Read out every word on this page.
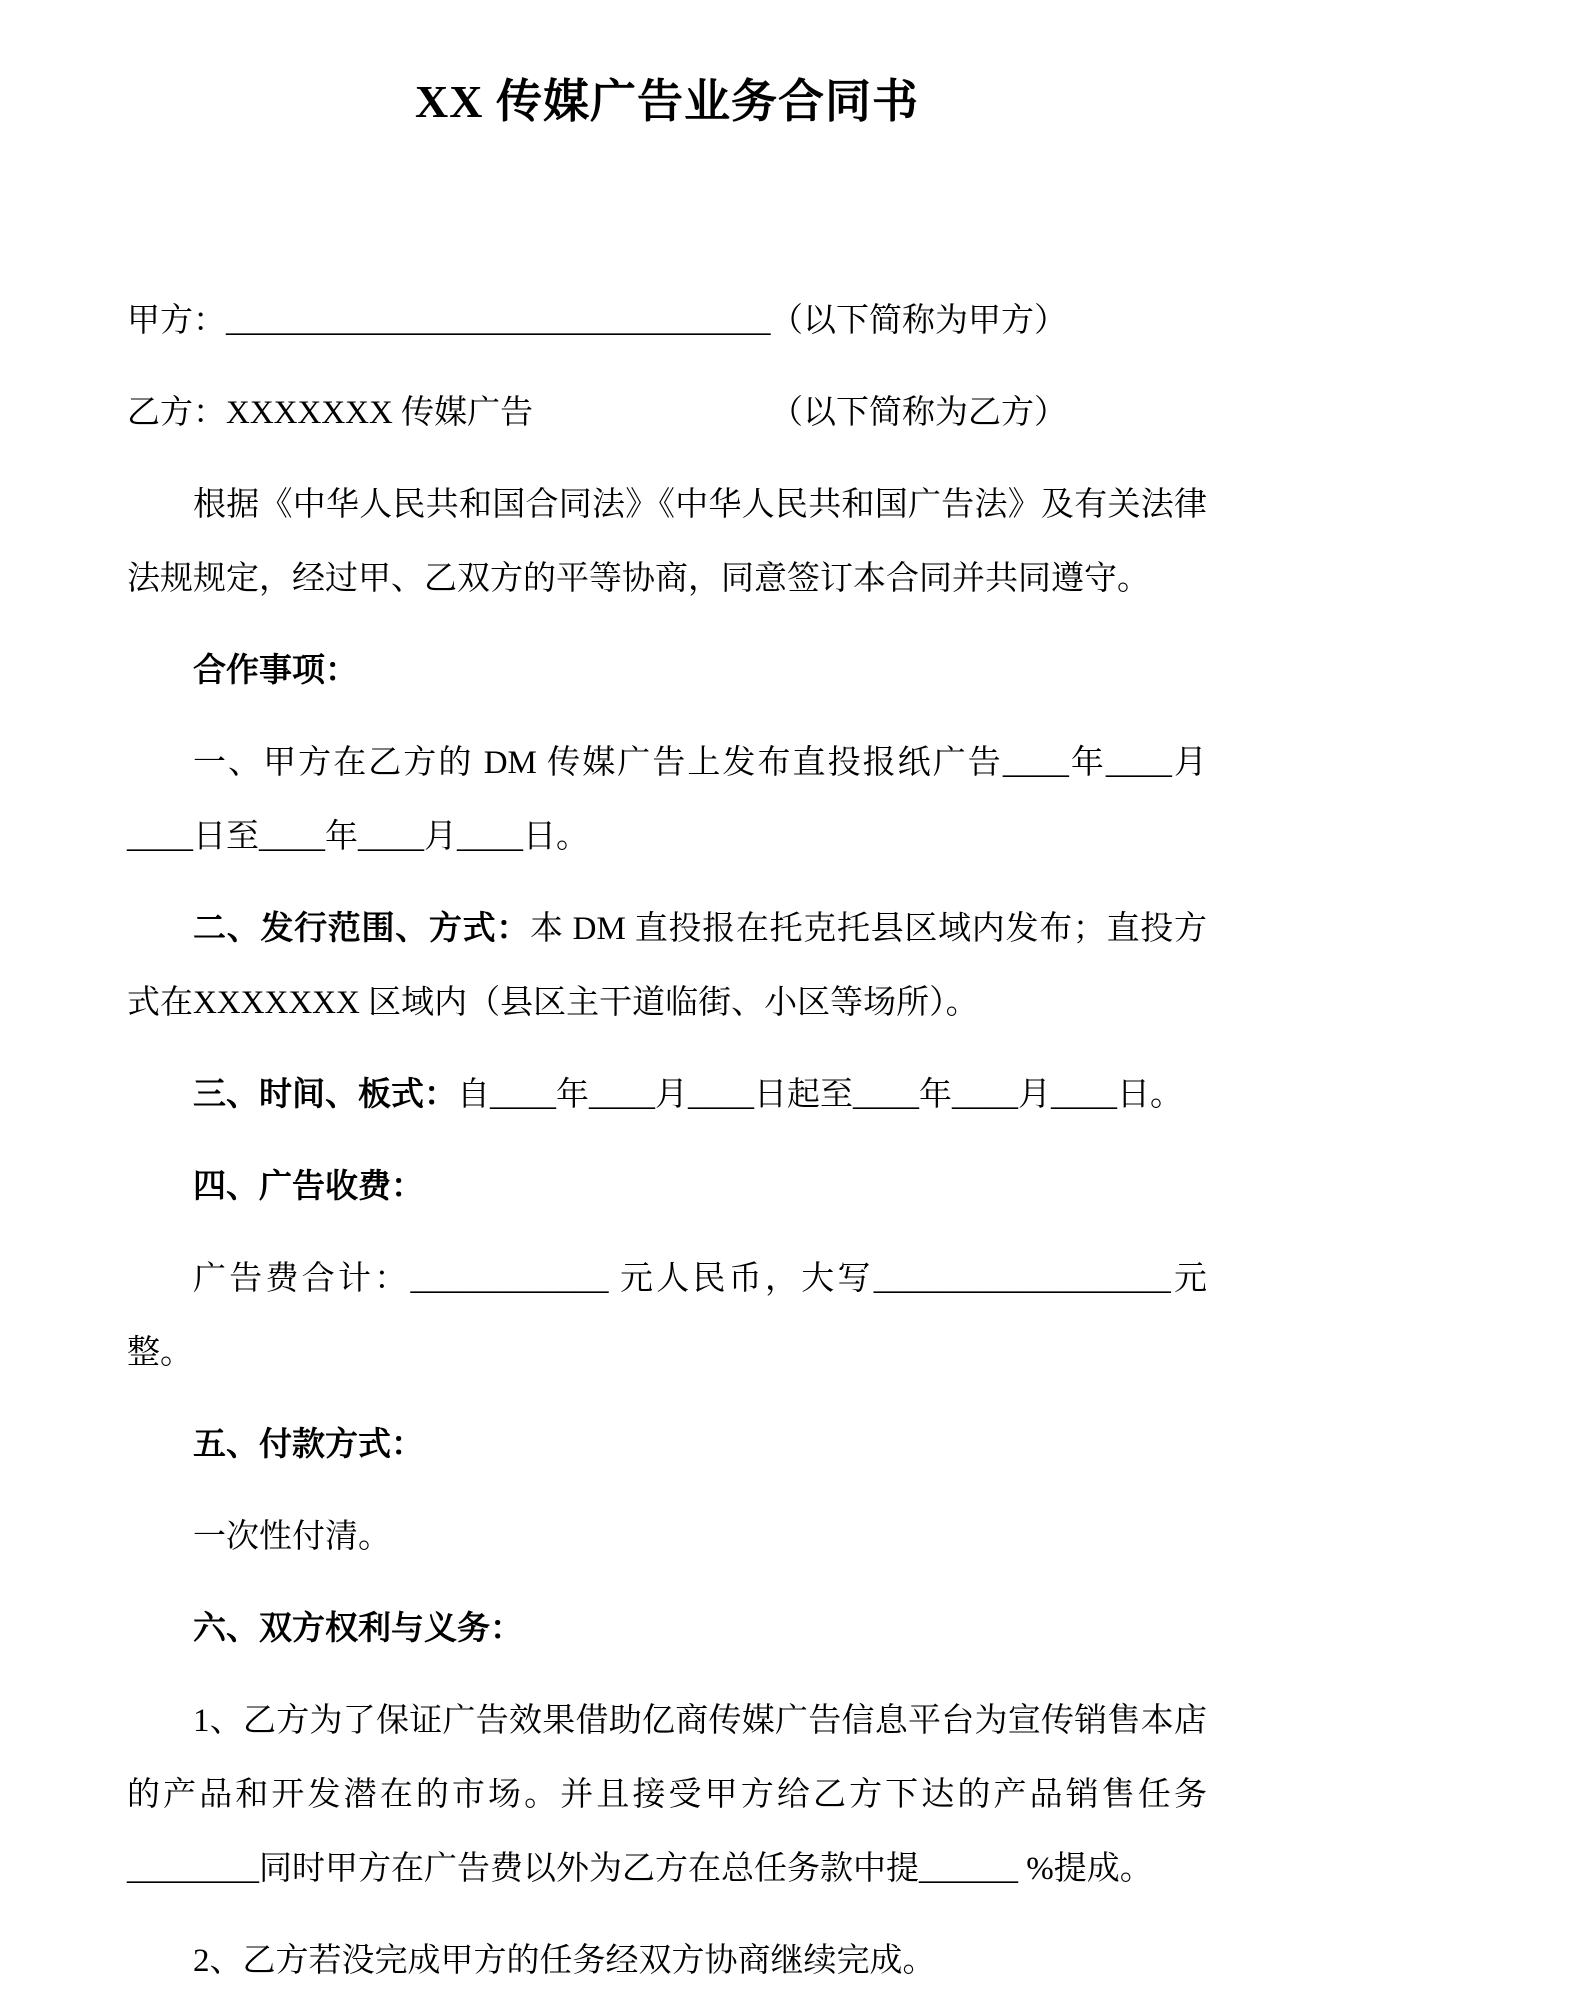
XX 传媒广告业务合同书

甲方：_________________________________（以下简称为甲方）

乙方：XXXXXXX 传媒广告	（以下简称为乙方）

根据《中华人民共和国合同法》《中华人民共和国广告法》及有关法律法规规定，经过甲、乙双方的平等协商，同意签订本合同并共同遵守。

合作事项：

一、甲方在乙方的 DM 传媒广告上发布直投报纸广告____年____月____日至____年____月____日。

二、发行范围、方式：本 DM 直投报在托克托县区域内发布；直投方式在XXXXXXX 区域内（县区主干道临街、小区等场所）。

三、时间、板式：自____年____月____日起至____年____月____日。

四、广告收费：

广告费合计：____________ 元人民币，大写__________________元整。

五、付款方式：

一次性付清。

六、双方权利与义务：

1、乙方为了保证广告效果借助亿商传媒广告信息平台为宣传销售本店的产品和开发潜在的市场。并且接受甲方给乙方下达的产品销售任务________同时甲方在广告费以外为乙方在总任务款中提______ %提成。

2、乙方若没完成甲方的任务经双方协商继续完成。
